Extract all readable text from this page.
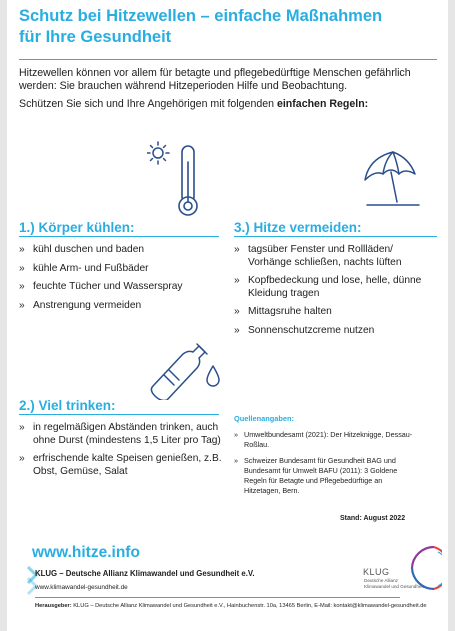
Schutz bei Hitzewellen – einfache Maßnahmen
für Ihre Gesundheit
Hitzewellen können vor allem für betagte und pflegebedürftige Menschen gefährlich werden: Sie brauchen während Hitzeperioden Hilfe und Beobachtung.
Schützen Sie sich und Ihre Angehörigen mit folgenden einfachen Regeln:
1.) Körper kühlen:
» kühl duschen und baden
» kühle Arm- und Fußbäder
» feuchte Tücher und Wasserspray
» Anstrengung vermeiden
3.) Hitze vermeiden:
» tagsüber Fenster und Rollläden/ Vorhänge schließen, nachts lüften
» Kopfbedeckung und lose, helle, dünne Kleidung tragen
» Mittagsruhe halten
» Sonnenschutzcreme nutzen
2.) Viel trinken:
» in regelmäßigen Abständen trinken, auch ohne Durst (mindestens 1,5 Liter pro Tag)
» erfrischende kalte Speisen genießen, z.B. Obst, Gemüse, Salat
Quellenangaben:
» Umweltbundesamt (2021): Der Hitzeknigge, Dessau-Roßlau.
» Schweizer Bundesamt für Gesundheit BAG und Bundesamt für Umwelt BAFU (2011): 3 Goldene Regeln für Betagte und Pflegebedürftige an Hitzetagen, Bern.
Stand: August 2022
www.hitze.info
KLUG – Deutsche Allianz Klimawandel und Gesundheit e.V.
www.klimawandel-gesundheit.de
Herausgeber: KLUG – Deutsche Allianz Klimawandel und Gesundheit e.V., Hainbuchenstr. 10a, 13465 Berlin, E-Mail: kontakt@klimawandel-gesundheit.de
KLUG
Deutsche Allianz Klimawandel und Gesundheit
